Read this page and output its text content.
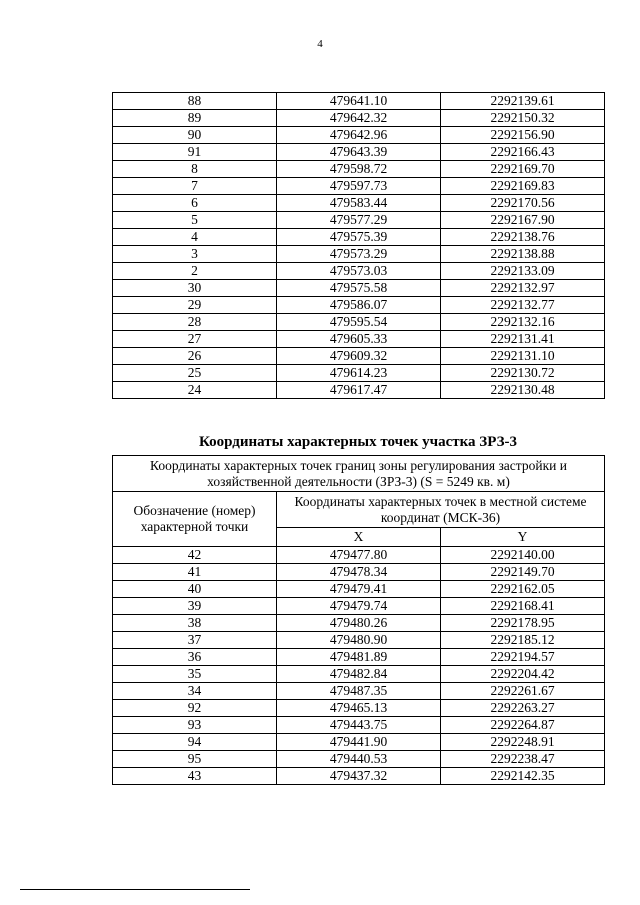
4
88	479641.10	2292139.61
89	479642.32	2292150.32
90	479642.96	2292156.90
91	479643.39	2292166.43
8	479598.72	2292169.70
7	479597.73	2292169.83
6	479583.44	2292170.56
5	479577.29	2292167.90
4	479575.39	2292138.76
3	479573.29	2292138.88
2	479573.03	2292133.09
30	479575.58	2292132.97
29	479586.07	2292132.77
28	479595.54	2292132.16
27	479605.33	2292131.41
26	479609.32	2292131.10
25	479614.23	2292130.72
24	479617.47	2292130.48
Координаты характерных точек участка ЗРЗ-3
Координаты характерных точек границ зоны регулирования застройки и хозяйственной деятельности (ЗРЗ-3) (S = 5249 кв. м)		
Обозначение (номер) характерной точки	Координаты характерных точек в местной системе координат (МСК-36)	
	X	Y
42	479477.80	2292140.00
41	479478.34	2292149.70
40	479479.41	2292162.05
39	479479.74	2292168.41
38	479480.26	2292178.95
37	479480.90	2292185.12
36	479481.89	2292194.57
35	479482.84	2292204.42
34	479487.35	2292261.67
92	479465.13	2292263.27
93	479443.75	2292264.87
94	479441.90	2292248.91
95	479440.53	2292238.47
43	479437.32	2292142.35
